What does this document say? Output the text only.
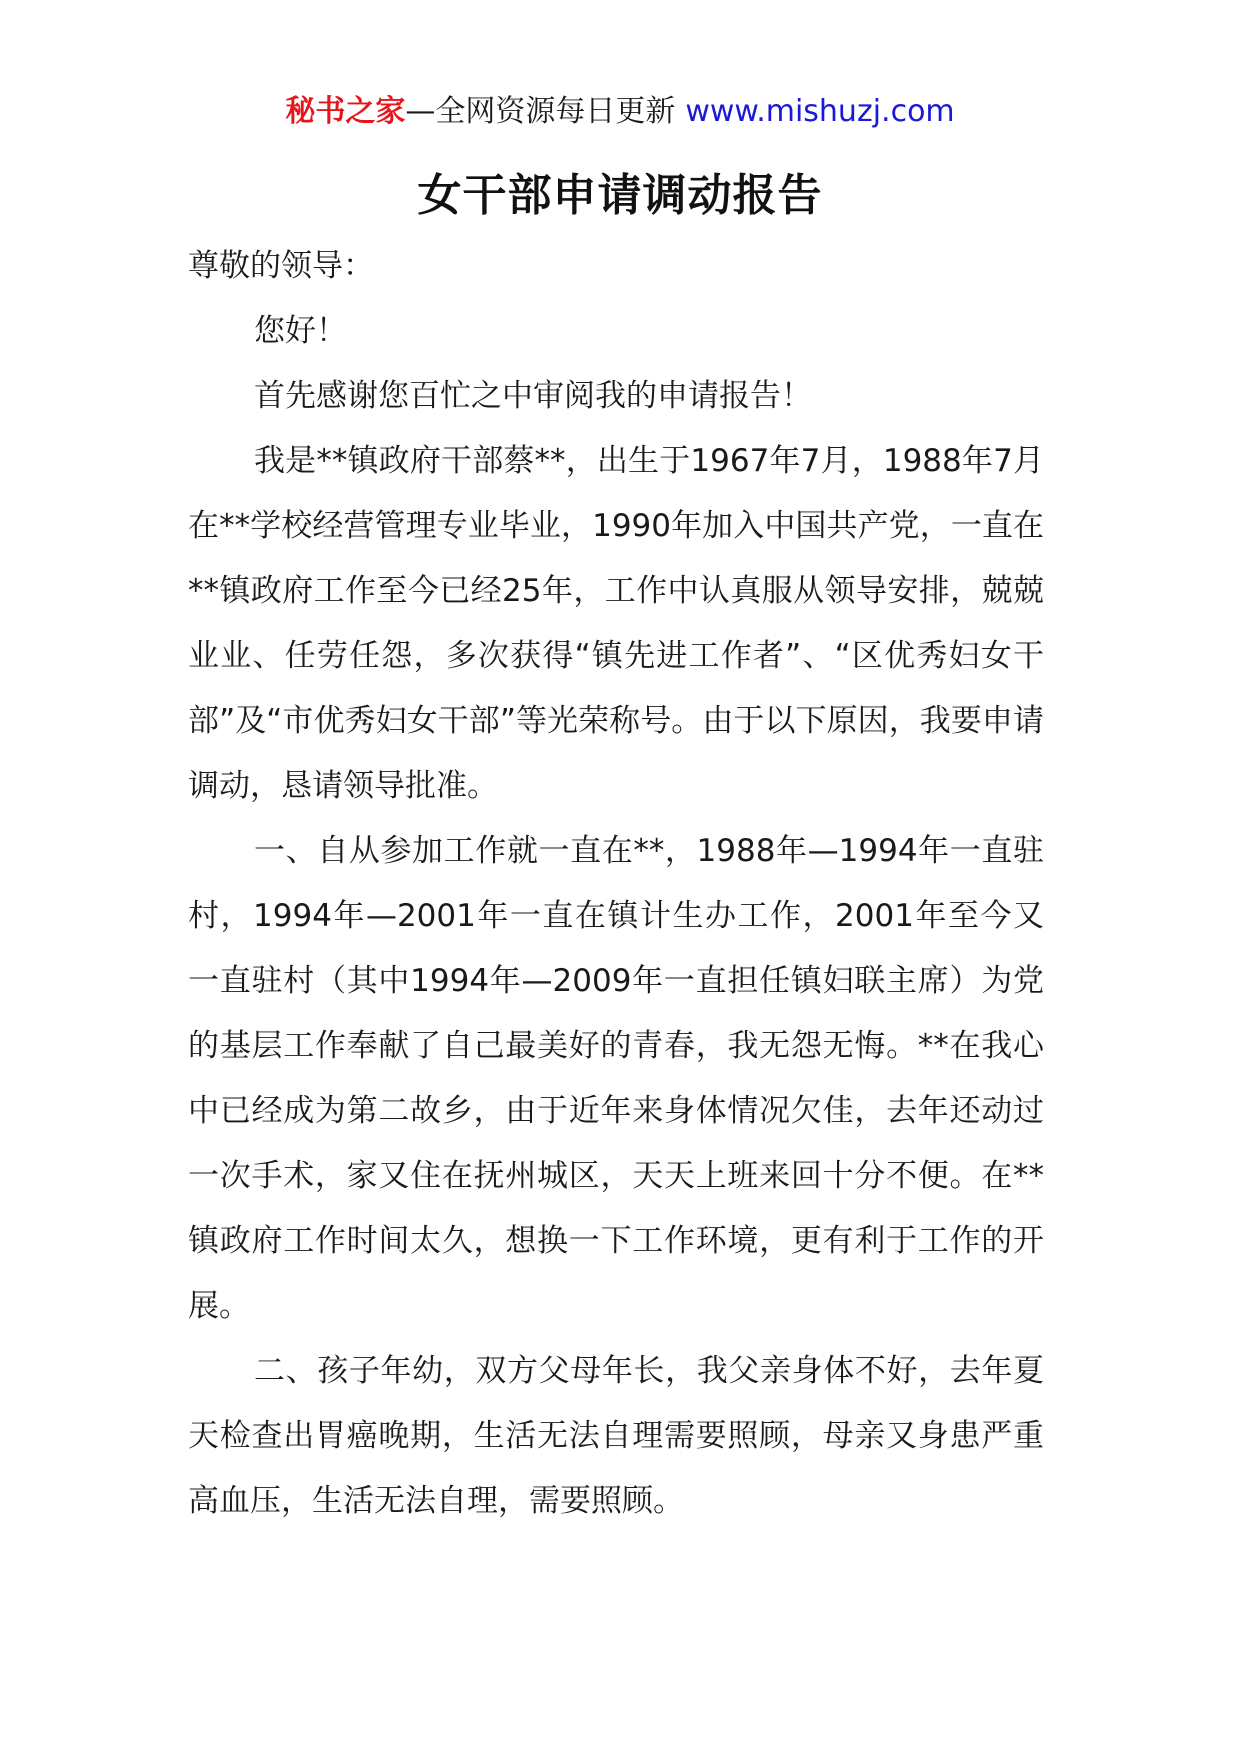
秘书之家—全网资源每日更新 www.mishuzj.com
女干部申请调动报告

尊敬的领导：

您好！

首先感谢您百忙之中审阅我的申请报告！

我是**镇政府干部蔡**，出生于1967年7月，1988年7月在**学校经营管理专业毕业，1990年加入中国共产党，一直在**镇政府工作至今已经25年，工作中认真服从领导安排，兢兢业业、任劳任怨，多次获得“镇先进工作者”、“区优秀妇女干部”及“市优秀妇女干部”等光荣称号。由于以下原因，我要申请调动，恳请领导批准。

一、自从参加工作就一直在**，1988年—1994年一直驻村，1994年—2001年一直在镇计生办工作，2001年至今又一直驻村（其中1994年—2009年一直担任镇妇联主席）为党的基层工作奉献了自己最美好的青春，我无怨无悔。**在我心中已经成为第二故乡，由于近年来身体情况欠佳，去年还动过一次手术，家又住在抚州城区，天天上班来回十分不便。在**镇政府工作时间太久，想换一下工作环境，更有利于工作的开展。

二、孩子年幼，双方父母年长，我父亲身体不好，去年夏天检查出胃癌晚期，生活无法自理需要照顾，母亲又身患严重高血压，生活无法自理，需要照顾。
